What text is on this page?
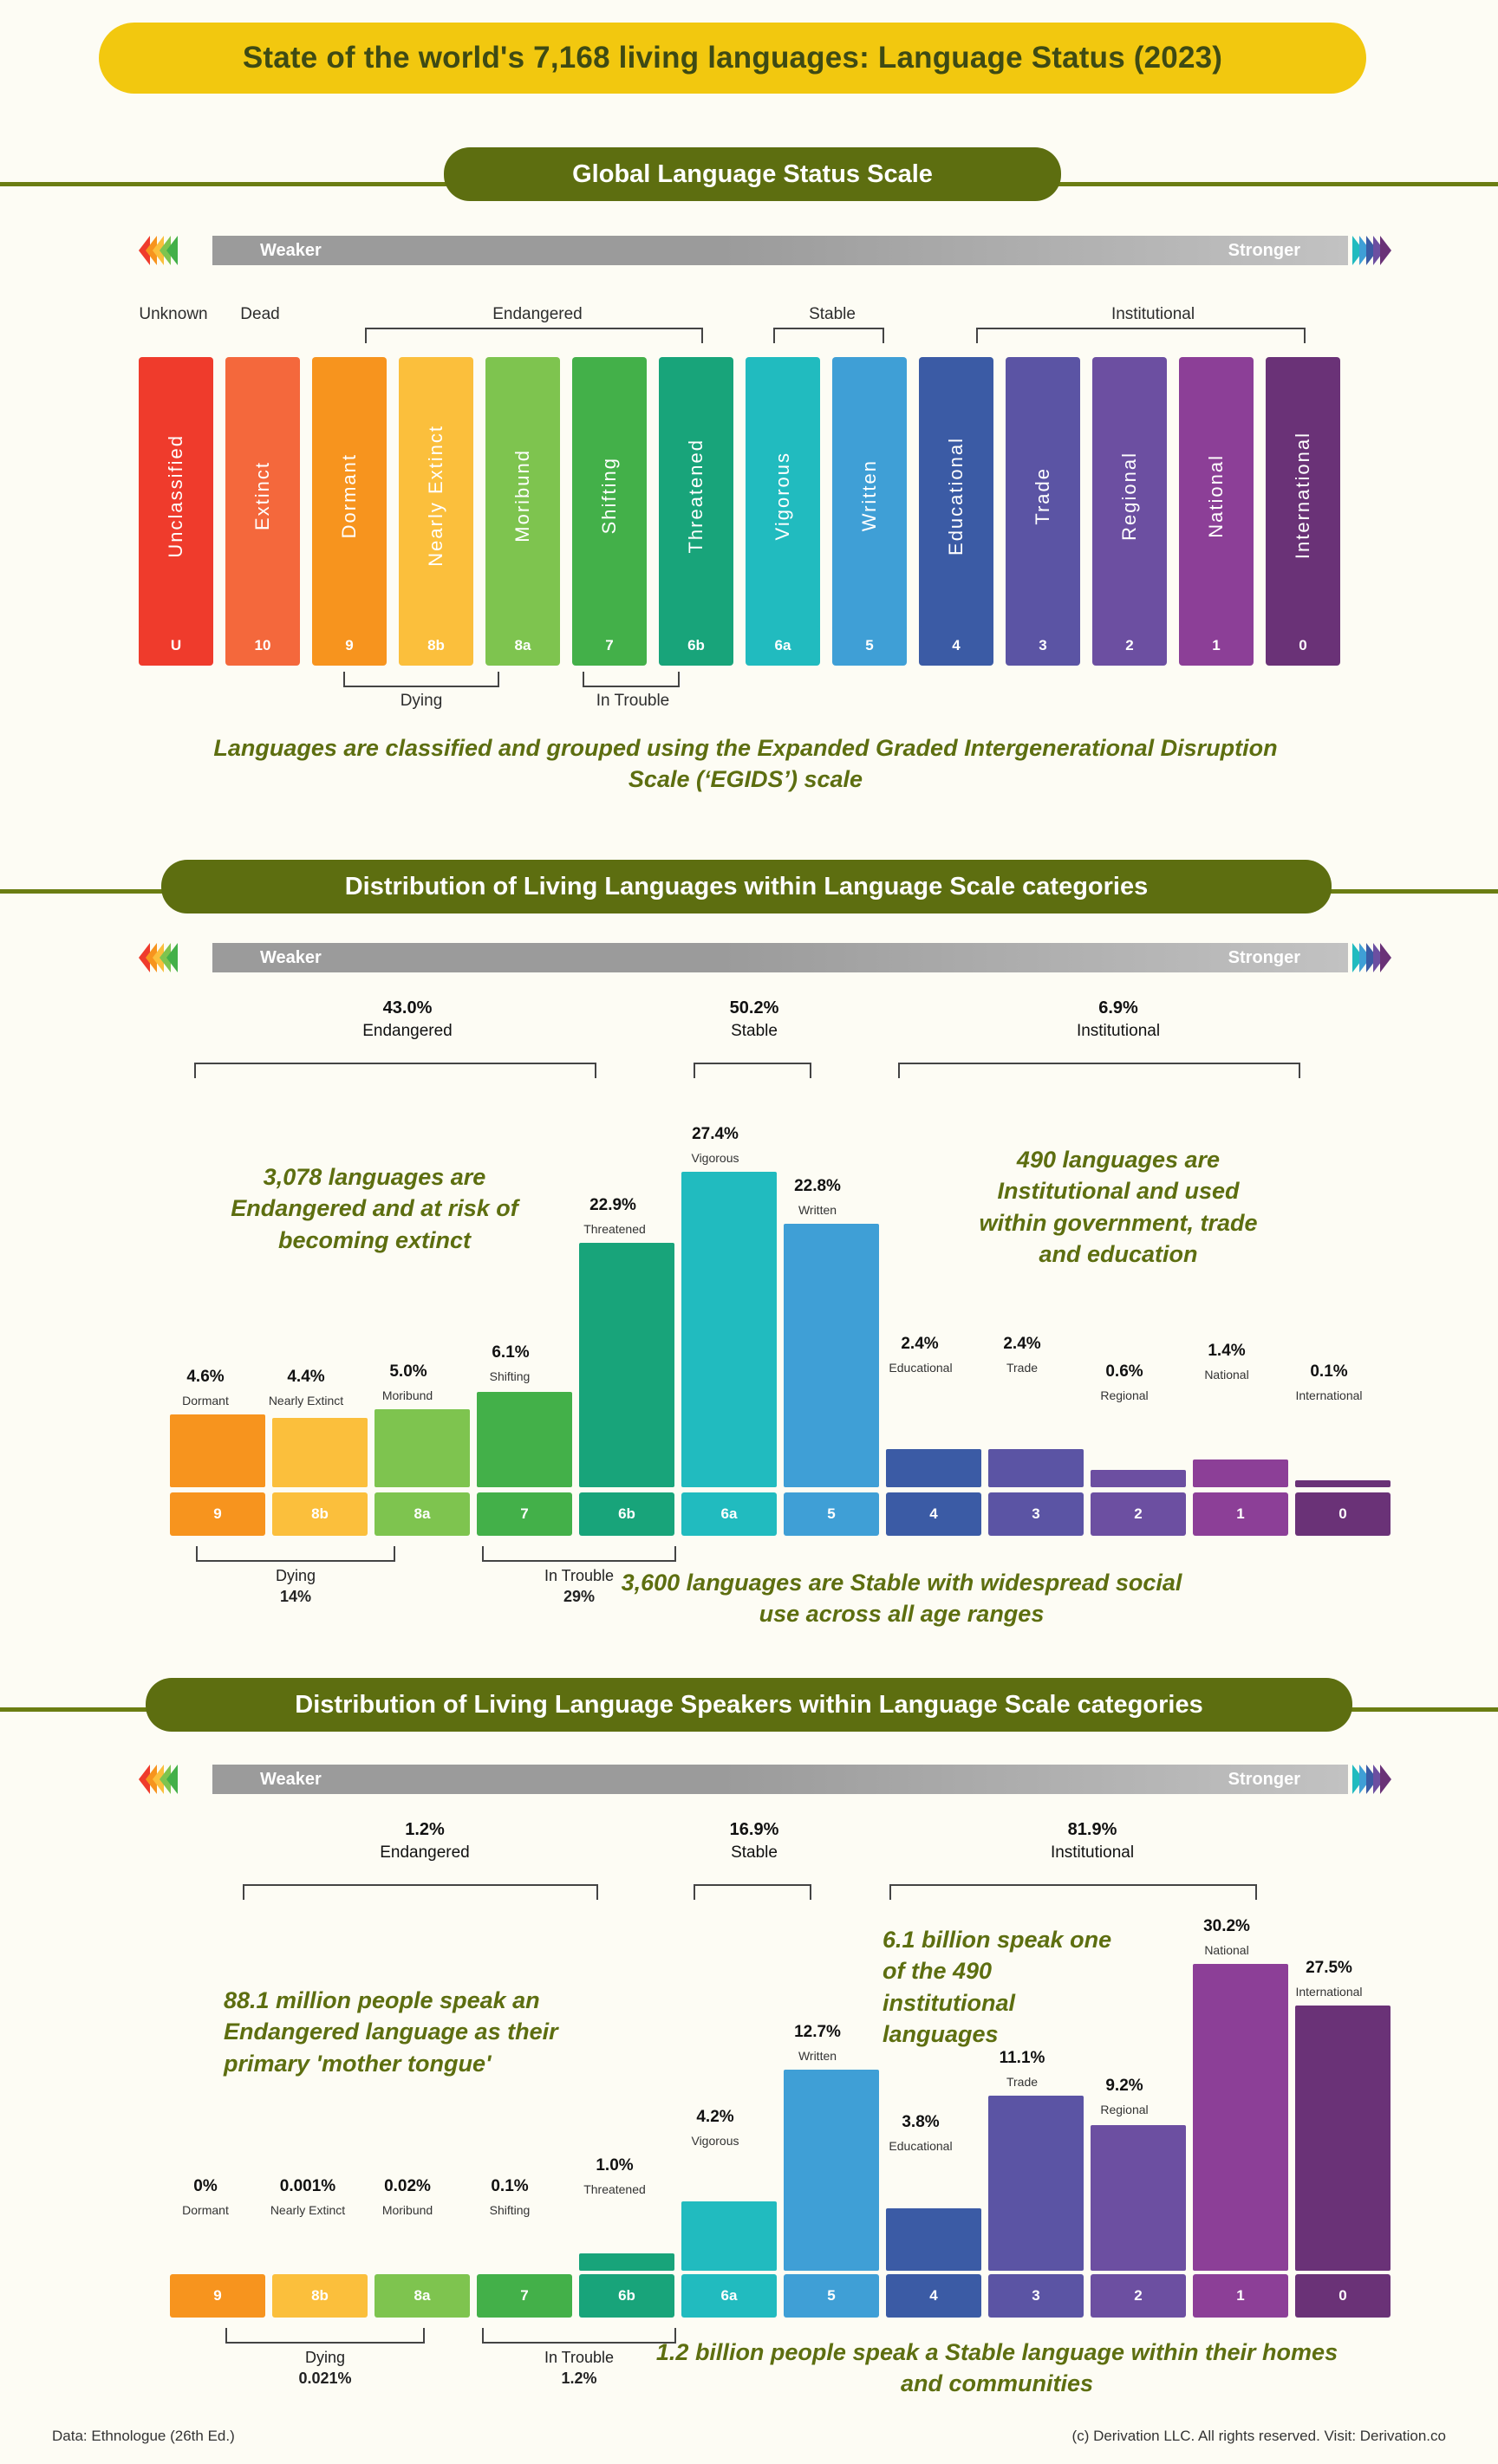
State of the world's 7,168 living languages: Language Status (2023)
Global Language Status Scale
Weaker	Stronger
Unknown	Dead	Endangered	Stable	Institutional
Unclassified	Extinct	Dormant	Nearly Extinct	Moribund	Shifting	Threatened	Vigorous	Written	Educational	Trade	Regional	National	International
U	10	9	8b	8a	7	6b	6a	5	4	3	2	1	0
Dying	In Trouble
Languages are classified and grouped using the Expanded Graded Intergenerational Disruption Scale (‘EGIDS’) scale
Distribution of Living Languages within Language Scale categories
Weaker	Stronger
43.0%
Endangered
50.2%
Stable
6.9%
Institutional
4.6%
Dormant
4.4%
Nearly Extinct
5.0%
Moribund
6.1%
Shifting
22.9%
Threatened
27.4%
Vigorous
22.8%
Written
2.4%
Educational
2.4%
Trade	0.6%
Regional
1.4%
National	0.1%
International
9	8b	8a	7	6b	6a	5	4	3	2	1	0
Dying
14%
In Trouble
29%
3,078 languages are Endangered and at risk of becoming extinct
490 languages are Institutional and used within government, trade and education
3,600 languages are Stable with widespread social use across all age ranges
Distribution of Living Language Speakers within Language Scale categories
Weaker	Stronger
1.2%
Endangered
16.9%
Stable
81.9%
Institutional
0%
Dormant
0.001%
Nearly Extinct
0.02%
Moribund
0.1%
Shifting
1.0%
Threatened
4.2%
Vigorous
12.7%
Written
3.8%
Educational
11.1%
Trade	9.2%
Regional
30.2%
National
27.5%
International
9	8b	8a	7	6b	6a	5	4	3	2	1	0
Dying
0.021%
In Trouble
1.2%
88.1 million people speak an Endangered language as their primary 'mother tongue'
6.1 billion speak one of the 490 institutional languages
1.2 billion people speak a Stable language within their homes and communities
Data: Ethnologue (26th Ed.)	(c) Derivation LLC. All rights reserved. Visit: Derivation.co
